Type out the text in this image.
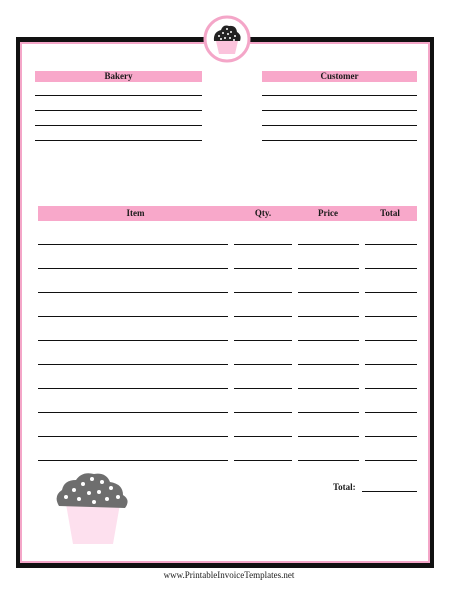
Bakery	Customer
Item	Qty.	Price	Total
Total:
www.PrintableInvoiceTemplates.net
